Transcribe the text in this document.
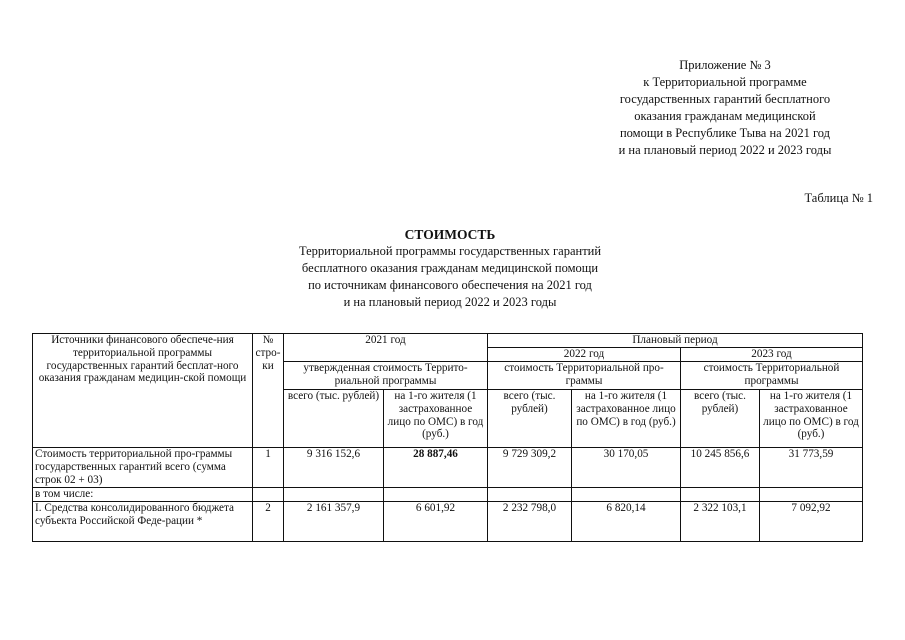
Приложение № 3
к Территориальной программе
государственных гарантий бесплатного
оказания гражданам медицинской
помощи в Республике Тыва на 2021 год
и на плановый период 2022 и 2023 годы
Таблица № 1
СТОИМОСТЬ
Территориальной программы государственных гарантий
бесплатного оказания гражданам медицинской помощи
по источникам финансового обеспечения на 2021 год
и на плановый период 2022 и 2023 годы
Источники финансового обеспече-ния территориальной программы государственных гарантий бесплат-ного оказания гражданам медицин-ской помощи	№ стро-ки	2021 год		Плановый период			
				2022 год		2023 год	
		утвержденная стоимость Террито-риальной программы		стоимость Территориальной про-граммы		стоимость Территориальной программы	
		всего (тыс. рублей)	на 1-го жителя (1 застрахованное лицо по ОМС) в год (руб.)	всего (тыс. рублей)	на 1-го жителя (1 застрахованное лицо по ОМС) в год (руб.)	всего (тыс. рублей)	на 1-го жителя (1 застрахованное лицо по ОМС) в год (руб.)
Стоимость территориальной про-граммы государственных гарантий всего (сумма строк 02 + 03)	1	9 316 152,6	28 887,46	9 729 309,2	30 170,05	10 245 856,6	31 773,59
в том числе:							
I. Средства консолидированного бюджета субъекта Российской Феде-рации *	2	2 161 357,9	6 601,92	2 232 798,0	6 820,14	2 322 103,1	7 092,92
